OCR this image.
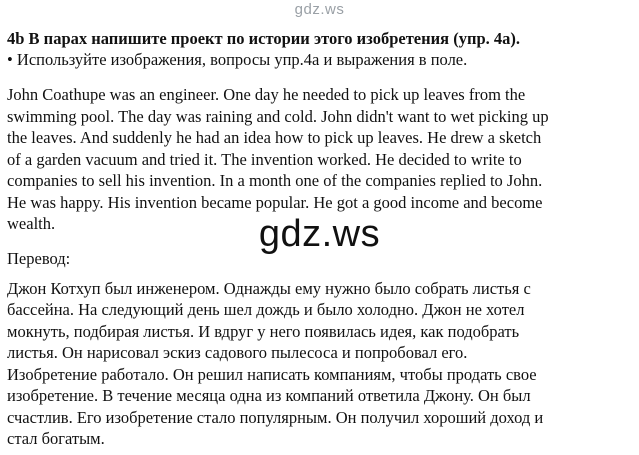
gdz.ws
4b В парах напишите проект по истории этого изобретения (упр. 4а).
• Используйте изображения, вопросы упр.4а и выражения в поле.
John Coathupe was an engineer. One day he needed to pick up leaves from the
swimming pool. The day was raining and cold. John didn't want to wet picking up
the leaves. And suddenly he had an idea how to pick up leaves. He drew a sketch
of a garden vacuum and tried it. The invention worked. He decided to write to
companies to sell his invention. In a month one of the companies replied to John.
He was happy. His invention became popular. He got a good income and become
wealth.
Перевод:
Джон Котхуп был инженером. Однажды ему нужно было собрать листья с
бассейна. На следующий день шел дождь и было холодно. Джон не хотел
мокнуть, подбирая листья. И вдруг у него появилась идея, как подобрать
листья. Он нарисовал эскиз садового пылесоса и попробовал его.
Изобретение работало. Он решил написать компаниям, чтобы продать свое
изобретение. В течение месяца одна из компаний ответила Джону. Он был
счастлив. Его изобретение стало популярным. Он получил хороший доход и
стал богатым.
gdz.ws
